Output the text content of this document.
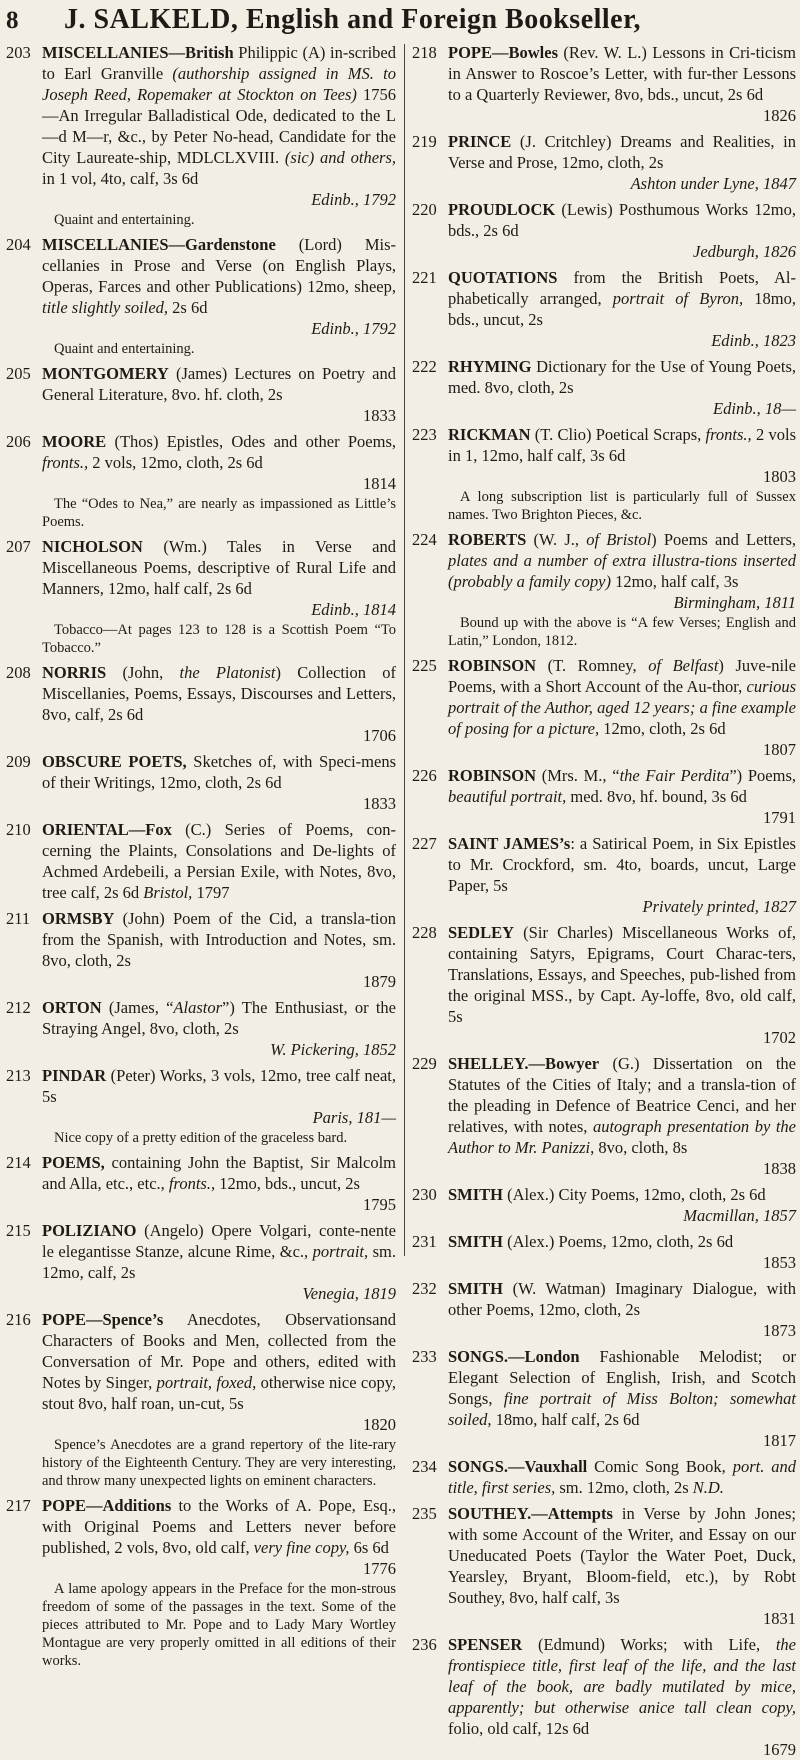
8	J. SALKELD, English and Foreign Bookseller,
203 MISCELLANIES—British Philippic (A) in-scribed to Earl Granville (authorship assigned in MS. to Joseph Reed, Ropemaker at Stockton on Tees) 1756—An Irregular Balladistical Ode, dedicated to the L—d M—r, &c., by Peter No-head, Candidate for the City Laureate-ship, MDLCLXVIII. (sic) and others, in 1 vol, 4to, calf, 3s 6d
Edinb., 1792
Quaint and entertaining.
204 MISCELLANIES—Gardenstone (Lord) Mis-cellanies in Prose and Verse (on English Plays, Operas, Farces and other Publications) 12mo, sheep, title slightly soiled, 2s 6d
Edinb., 1792
Quaint and entertaining.
205 MONTGOMERY (James) Lectures on Poetry and General Literature, 8vo. hf. cloth, 2s
1833
206 MOORE (Thos) Epistles, Odes and other Poems, fronts., 2 vols, 12mo, cloth, 2s 6d
1814
The “Odes to Nea,” are nearly as impassioned as Little’s Poems.
207 NICHOLSON (Wm.) Tales in Verse and Miscellaneous Poems, descriptive of Rural Life and Manners, 12mo, half calf, 2s 6d
Edinb., 1814
Tobacco—At pages 123 to 128 is a Scottish Poem “To Tobacco.”
208 NORRIS (John, the Platonist) Collection of Miscellanies, Poems, Essays, Discourses and Letters, 8vo, calf, 2s 6d
1706
209 OBSCURE POETS, Sketches of, with Speci-mens of their Writings, 12mo, cloth, 2s 6d
1833
210 ORIENTAL—Fox (C.) Series of Poems, con-cerning the Plaints, Consolations and De-lights of Achmed Ardebeili, a Persian Exile, with Notes, 8vo, tree calf, 2s 6d Bristol, 1797
211 ORMSBY (John) Poem of the Cid, a transla-tion from the Spanish, with Introduction and Notes, sm. 8vo, cloth, 2s
1879
212 ORTON (James, “Alastor”) The Enthusiast, or the Straying Angel, 8vo, cloth, 2s
W. Pickering, 1852
213 PINDAR (Peter) Works, 3 vols, 12mo, tree calf neat, 5s
Paris, 181—
Nice copy of a pretty edition of the graceless bard.
214 POEMS, containing John the Baptist, Sir Malcolm and Alla, etc., etc., fronts., 12mo, bds., uncut, 2s
1795
215 POLIZIANO (Angelo) Opere Volgari, conte-nente le elegantisse Stanze, alcune Rime, &c., portrait, sm. 12mo, calf, 2s
Venegia, 1819
216 POPE—Spence’s Anecdotes, Observationsand Characters of Books and Men, collected from the Conversation of Mr. Pope and others, edited with Notes by Singer, portrait, foxed, otherwise nice copy, stout 8vo, half roan, un-cut, 5s
1820
Spence’s Anecdotes are a grand repertory of the lite-rary history of the Eighteenth Century. They are very interesting, and throw many unexpected lights on eminent characters.
217 POPE—Additions to the Works of A. Pope, Esq., with Original Poems and Letters never before published, 2 vols, 8vo, old calf, very fine copy, 6s 6d
1776
A lame apology appears in the Preface for the mon-strous freedom of some of the passages in the text. Some of the pieces attributed to Mr. Pope and to Lady Mary Wortley Montague are very properly omitted in all editions of their works.
218 POPE—Bowles (Rev. W. L.) Lessons in Cri-ticism in Answer to Roscoe’s Letter, with fur-ther Lessons to a Quarterly Reviewer, 8vo, bds., uncut, 2s 6d
1826
219 PRINCE (J. Critchley) Dreams and Realities, in Verse and Prose, 12mo, cloth, 2s
Ashton under Lyne, 1847
220 PROUDLOCK (Lewis) Posthumous Works 12mo, bds., 2s 6d
Jedburgh, 1826
221 QUOTATIONS from the British Poets, Al-phabetically arranged, portrait of Byron, 18mo, bds., uncut, 2s
Edinb., 1823
222 RHYMING Dictionary for the Use of Young Poets, med. 8vo, cloth, 2s
Edinb., 18—
223 RICKMAN (T. Clio) Poetical Scraps, fronts., 2 vols in 1, 12mo, half calf, 3s 6d
1803
A long subscription list is particularly full of Sussex names. Two Brighton Pieces, &c.
224 ROBERTS (W. J., of Bristol) Poems and Letters, plates and a number of extra illustra-tions inserted (probably a family copy) 12mo, half calf, 3s
Birmingham, 1811
Bound up with the above is “A few Verses; English and Latin,” London, 1812.
225 ROBINSON (T. Romney, of Belfast) Juve-nile Poems, with a Short Account of the Au-thor, curious portrait of the Author, aged 12 years; a fine example of posing for a picture, 12mo, cloth, 2s 6d
1807
226 ROBINSON (Mrs. M., “the Fair Perdita”) Poems, beautiful portrait, med. 8vo, hf. bound, 3s 6d
1791
227 SAINT JAMES’s: a Satirical Poem, in Six Epistles to Mr. Crockford, sm. 4to, boards, uncut, Large Paper, 5s
Privately printed, 1827
228 SEDLEY (Sir Charles) Miscellaneous Works of, containing Satyrs, Epigrams, Court Charac-ters, Translations, Essays, and Speeches, pub-lished from the original MSS., by Capt. Ay-loffe, 8vo, old calf, 5s
1702
229 SHELLEY.—Bowyer (G.) Dissertation on the Statutes of the Cities of Italy; and a transla-tion of the pleading in Defence of Beatrice Cenci, and her relatives, with notes, autograph presentation by the Author to Mr. Panizzi, 8vo, cloth, 8s
1838
230 SMITH (Alex.) City Poems, 12mo, cloth, 2s 6d
Macmillan, 1857
231 SMITH (Alex.) Poems, 12mo, cloth, 2s 6d
1853
232 SMITH (W. Watman) Imaginary Dialogue, with other Poems, 12mo, cloth, 2s
1873
233 SONGS.—London Fashionable Melodist; or Elegant Selection of English, Irish, and Scotch Songs, fine portrait of Miss Bolton; somewhat soiled, 18mo, half calf, 2s 6d
1817
234 SONGS.—Vauxhall Comic Song Book, port. and title, first series, sm. 12mo, cloth, 2s N.D.
235 SOUTHEY.—Attempts in Verse by John Jones; with some Account of the Writer, and Essay on our Uneducated Poets (Taylor the Water Poet, Duck, Yearsley, Bryant, Bloom-field, etc.), by Robt Southey, 8vo, half calf, 3s
1831
236 SPENSER (Edmund) Works; with Life, the frontispiece title, first leaf of the life, and the last leaf of the book, are badly mutilated by mice, apparently; but otherwise anice tall clean copy, folio, old calf, 12s 6d
1679
